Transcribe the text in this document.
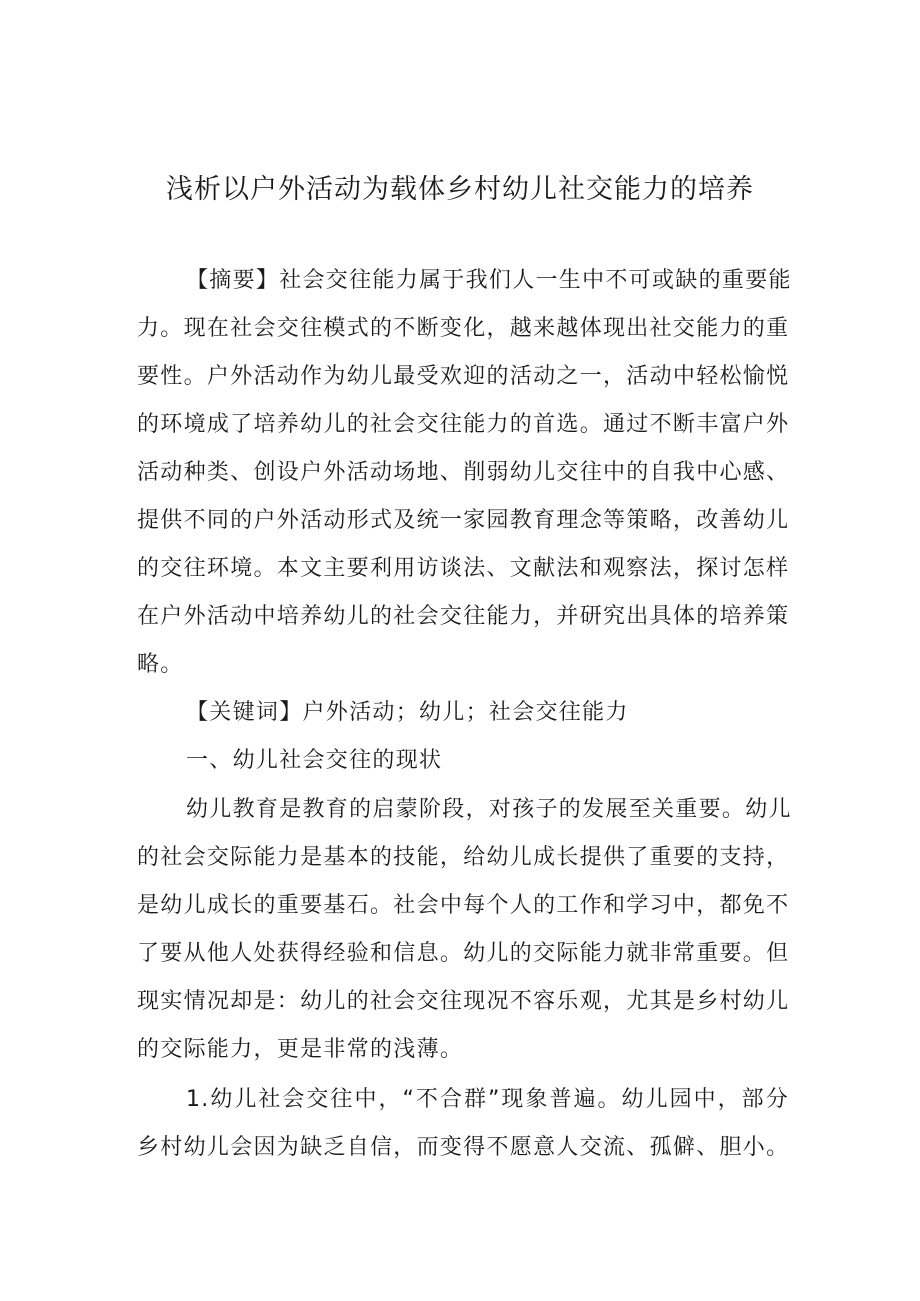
浅析以户外活动为载体乡村幼儿社交能力的培养
【摘要】社会交往能力属于我们人一生中不可或缺的重要能
力。现在社会交往模式的不断变化，越来越体现出社交能力的重
要性。户外活动作为幼儿最受欢迎的活动之一，活动中轻松愉悦
的环境成了培养幼儿的社会交往能力的首选。通过不断丰富户外
活动种类、创设户外活动场地、削弱幼儿交往中的自我中心感、
提供不同的户外活动形式及统一家园教育理念等策略，改善幼儿
的交往环境。本文主要利用访谈法、文献法和观察法，探讨怎样
在户外活动中培养幼儿的社会交往能力，并研究出具体的培养策
略。
【关键词】户外活动；幼儿；社会交往能力
一、幼儿社会交往的现状
幼儿教育是教育的启蒙阶段，对孩子的发展至关重要。幼儿
的社会交际能力是基本的技能，给幼儿成长提供了重要的支持，
是幼儿成长的重要基石。社会中每个人的工作和学习中，都免不
了要从他人处获得经验和信息。幼儿的交际能力就非常重要。但
现实情况却是：幼儿的社会交往现况不容乐观，尤其是乡村幼儿
的交际能力，更是非常的浅薄。
1.幼儿社会交往中，“不合群”现象普遍。幼儿园中，部分
乡村幼儿会因为缺乏自信，而变得不愿意人交流、孤僻、胆小。
